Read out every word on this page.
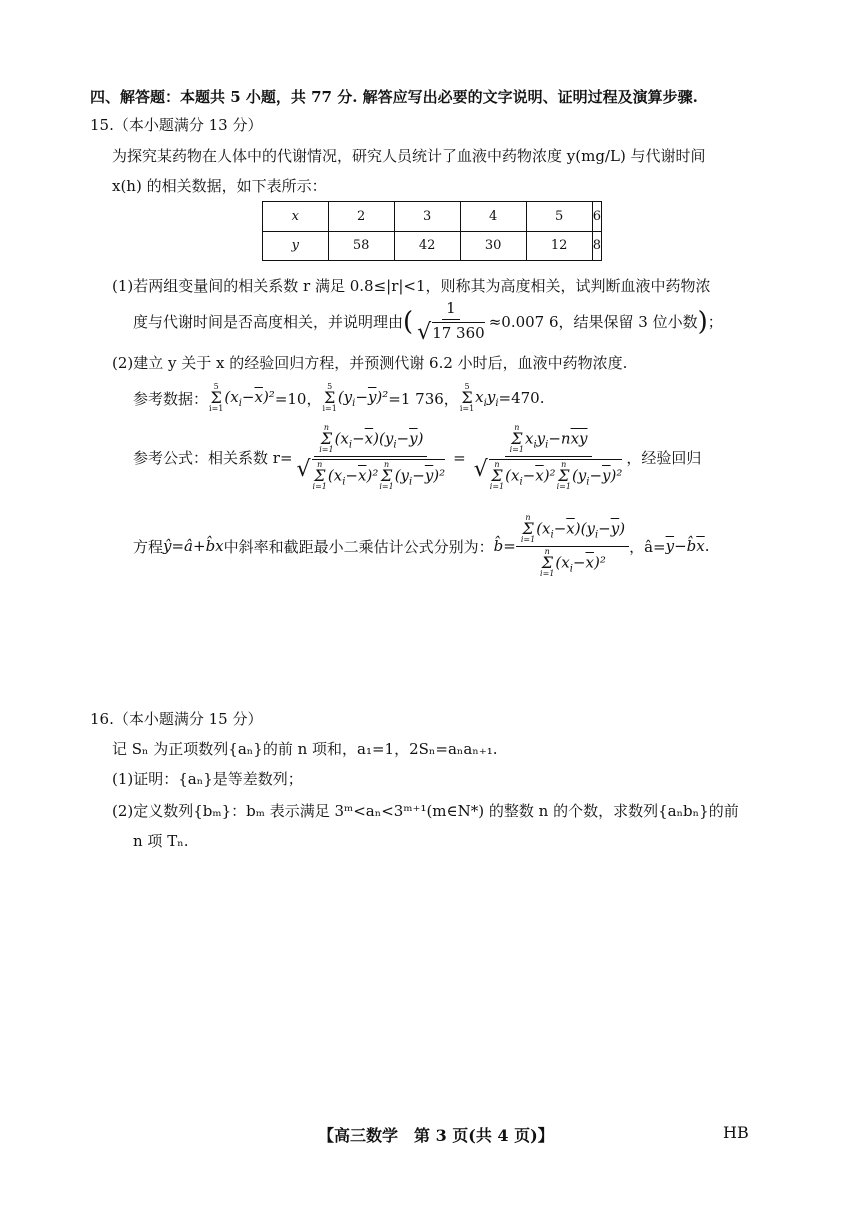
四、解答题：本题共 5 小题，共 77 分. 解答应写出必要的文字说明、证明过程及演算步骤.
15.（本小题满分 13 分）
为探究某药物在人体中的代谢情况，研究人员统计了血液中药物浓度 y(mg/L) 与代谢时间
x(h) 的相关数据，如下表所示：
x	2	3	4	5	6
y	58	42	30	12	8
(1)若两组变量间的相关系数 r 满足 0.8≤|r|<1，则称其为高度相关，试判断血液中药物浓
度与代谢时间是否高度相关，并说明理由 ( $\frac{1}{√ 17 360} \approx 0.007$ 6，结果保留 3 位小数 ) ；
(2)建立 y 关于 x 的经验回归方程，并预测代谢 6.2 小时后，血液中药物浓度.
参考数据：
5
Σ
i=1
$(x_i-\overline{x})^2 =10$，
5
Σ
i=1
$(y_i-\overline{y})^2 =1$ 736，
5
Σ
i=1
$x_iy_i =470$.
参考公式：相关系数 r= n
Σ
i=1
$(x_i-\overline{x})(y_i-\overline{y})$
√ n
Σ
i=1
$(x_i-\overline{x})^2$
n
Σ
i=1
$(y_i-\overline{y})^2 = n$
Σ
i=1
$x_iy_i-n\overline{x}\overline{y}$
√ n
Σ
i=1
$(x_i-\overline{x})^2$
n
Σ
i=1
$(y_i-\overline{y})^2$ ，经验回归
方程 ŷ=â+b̂x 中斜率和截距最小二乘估计公式分别为： b̂= n
Σ
i=1
$(x_i-\overline{x})(y_i-\overline{y})$
n
Σ
i=1
$(x_i-\overline{x})^2$ ，â= $\overline{y}-b̂\overline{x}$ .
16.（本小题满分 15 分）
记 Sₙ 为正项数列{aₙ}的前 n 项和，a₁=1，2Sₙ=aₙaₙ₊₁.
(1)证明：{aₙ}是等差数列；
(2)定义数列{bₘ}：bₘ 表示满足 3ᵐ<aₙ<3ᵐ⁺¹(m∈N*) 的整数 n 的个数，求数列{aₙbₙ}的前
n 项 Tₙ.
【高三数学　第 3 页(共 4 页)】	HB
